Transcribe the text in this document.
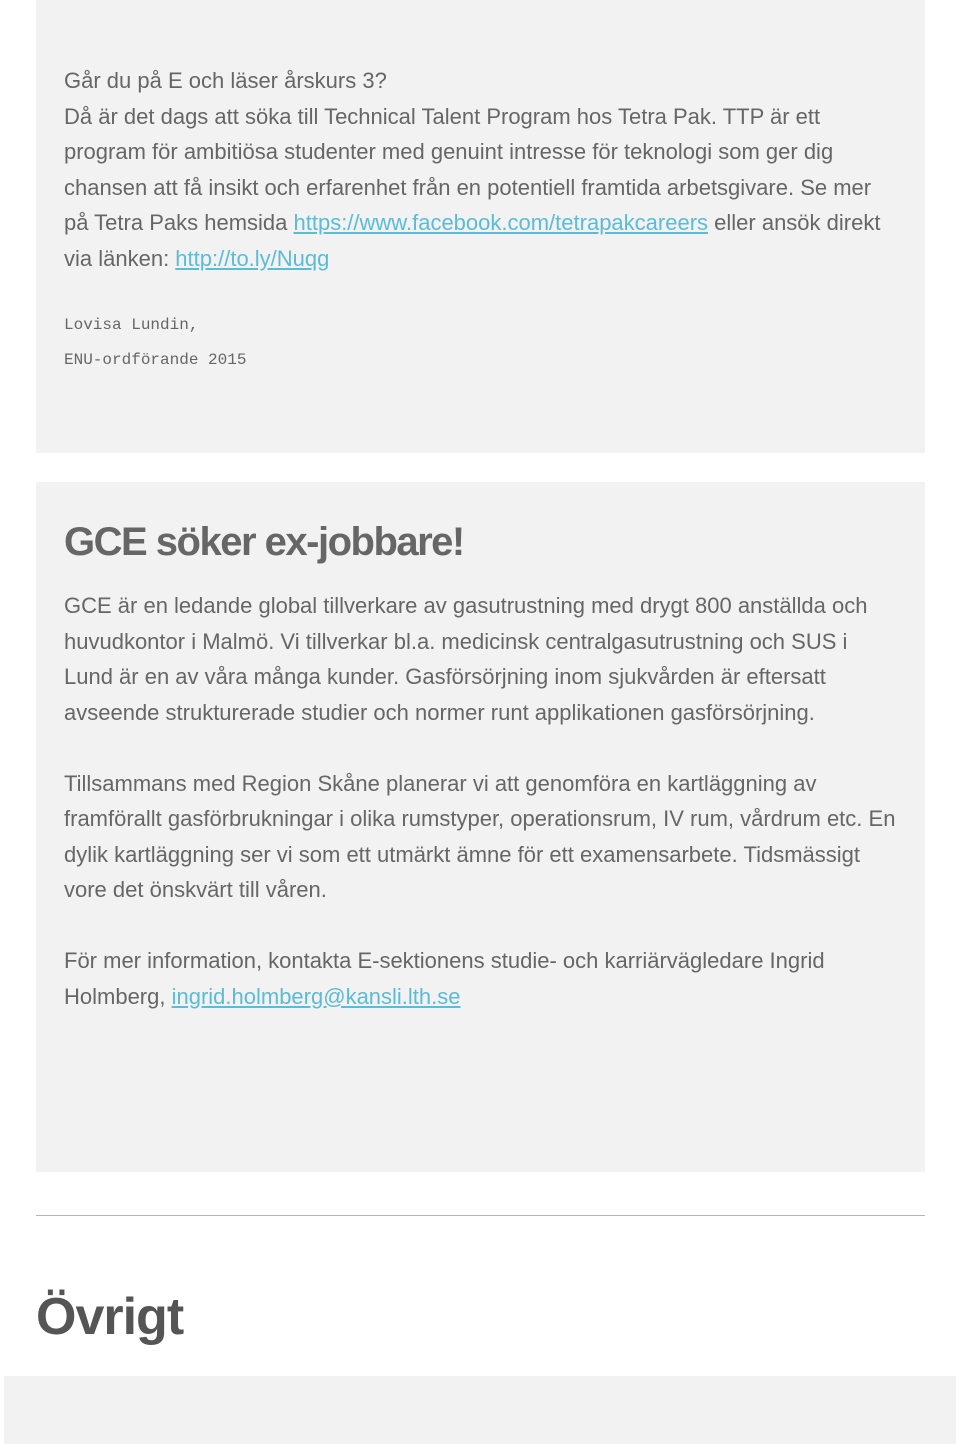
Går du på E och läser årskurs 3?

Då är det dags att söka till Technical Talent Program hos Tetra Pak. TTP är ett program för ambitiösa studenter med genuint intresse för teknologi som ger dig chansen att få insikt och erfarenhet från en potentiell framtida arbetsgivare. Se mer på Tetra Paks hemsida https://www.facebook.com/tetrapakcareers eller ansök direkt via länken: http://to.ly/Nuqg

Lovisa Lundin,

ENU-ordförande 2015

GCE söker ex-jobbare!

GCE är en ledande global tillverkare av gasutrustning med drygt 800 anställda och huvudkontor i Malmö. Vi tillverkar bl.a. medicinsk centralgasutrustning och SUS i Lund är en av våra många kunder. Gasförsörjning inom sjukvården är eftersatt avseende strukturerade studier och normer runt applikationen gasförsörjning.

Tillsammans med Region Skåne planerar vi att genomföra en kartläggning av framförallt gasförbrukningar i olika rumstyper, operationsrum, IV rum, vårdrum etc. En dylik kartläggning ser vi som ett utmärkt ämne för ett examensarbete. Tidsmässigt vore det önskvärt till våren.

För mer information, kontakta E-sektionens studie- och karriärvägledare Ingrid Holmberg, ingrid.holmberg@kansli.lth.se

Övrigt
